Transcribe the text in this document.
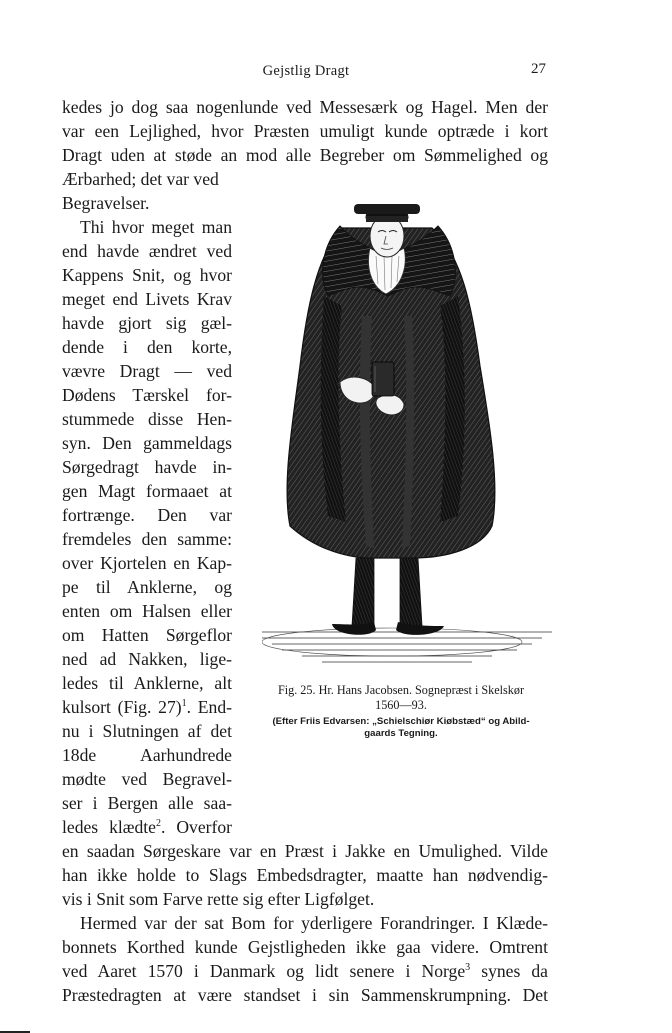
Gejstlig Dragt	27
kedes jo dog saa nogenlunde ved Messesærk og Hagel. Men der
var een Lejlighed, hvor Præsten umuligt kunde optræde i kort
Dragt uden at støde an mod alle Begreber om Sømmelighed og
Ærbarhed; det var ved
Begravelser.
Thi hvor meget man
end havde ændret ved
Kappens Snit, og hvor
meget end Livets Krav
havde gjort sig gæl-
dende i den korte,
vævre Dragt — ved
Dødens Tærskel for-
stummede disse Hen-
syn. Den gammeldags
Sørgedragt havde in-
gen Magt formaaet at
fortrænge. Den var
fremdeles den samme:
over Kjortelen en Kap-
pe til Anklerne, og
enten om Halsen eller
om Hatten Sørgeflor
ned ad Nakken, lige-
ledes til Anklerne, alt
kulsort (Fig. 27)$^1$. End-
nu i Slutningen af det
18de Aarhundrede
mødte ved Begravel-
ser i Bergen alle saa-
ledes klædte$^2$. Overfor
en saadan Sørgeskare var en Præst i Jakke en Umulighed. Vilde
han ikke holde to Slags Embedsdragter, maatte han nødvendig-
vis i Snit som Farve rette sig efter Ligfølget.
Hermed var der sat Bom for yderligere Forandringer. I Klæde-
bonnets Korthed kunde Gejstligheden ikke gaa videre. Omtrent
ved Aaret 1570 i Danmark og lidt senere i Norge$^3$ synes da
Præstedragten at være standset i sin Sammenskrumpning. Det
Fig. 25. Hr. Hans Jacobsen. Sognepræst i Skelskør
1560—93.
(Efter Friis Edvarsen: „Schielschiør Kiøbstæd“ og Abild-
gaards Tegning.
